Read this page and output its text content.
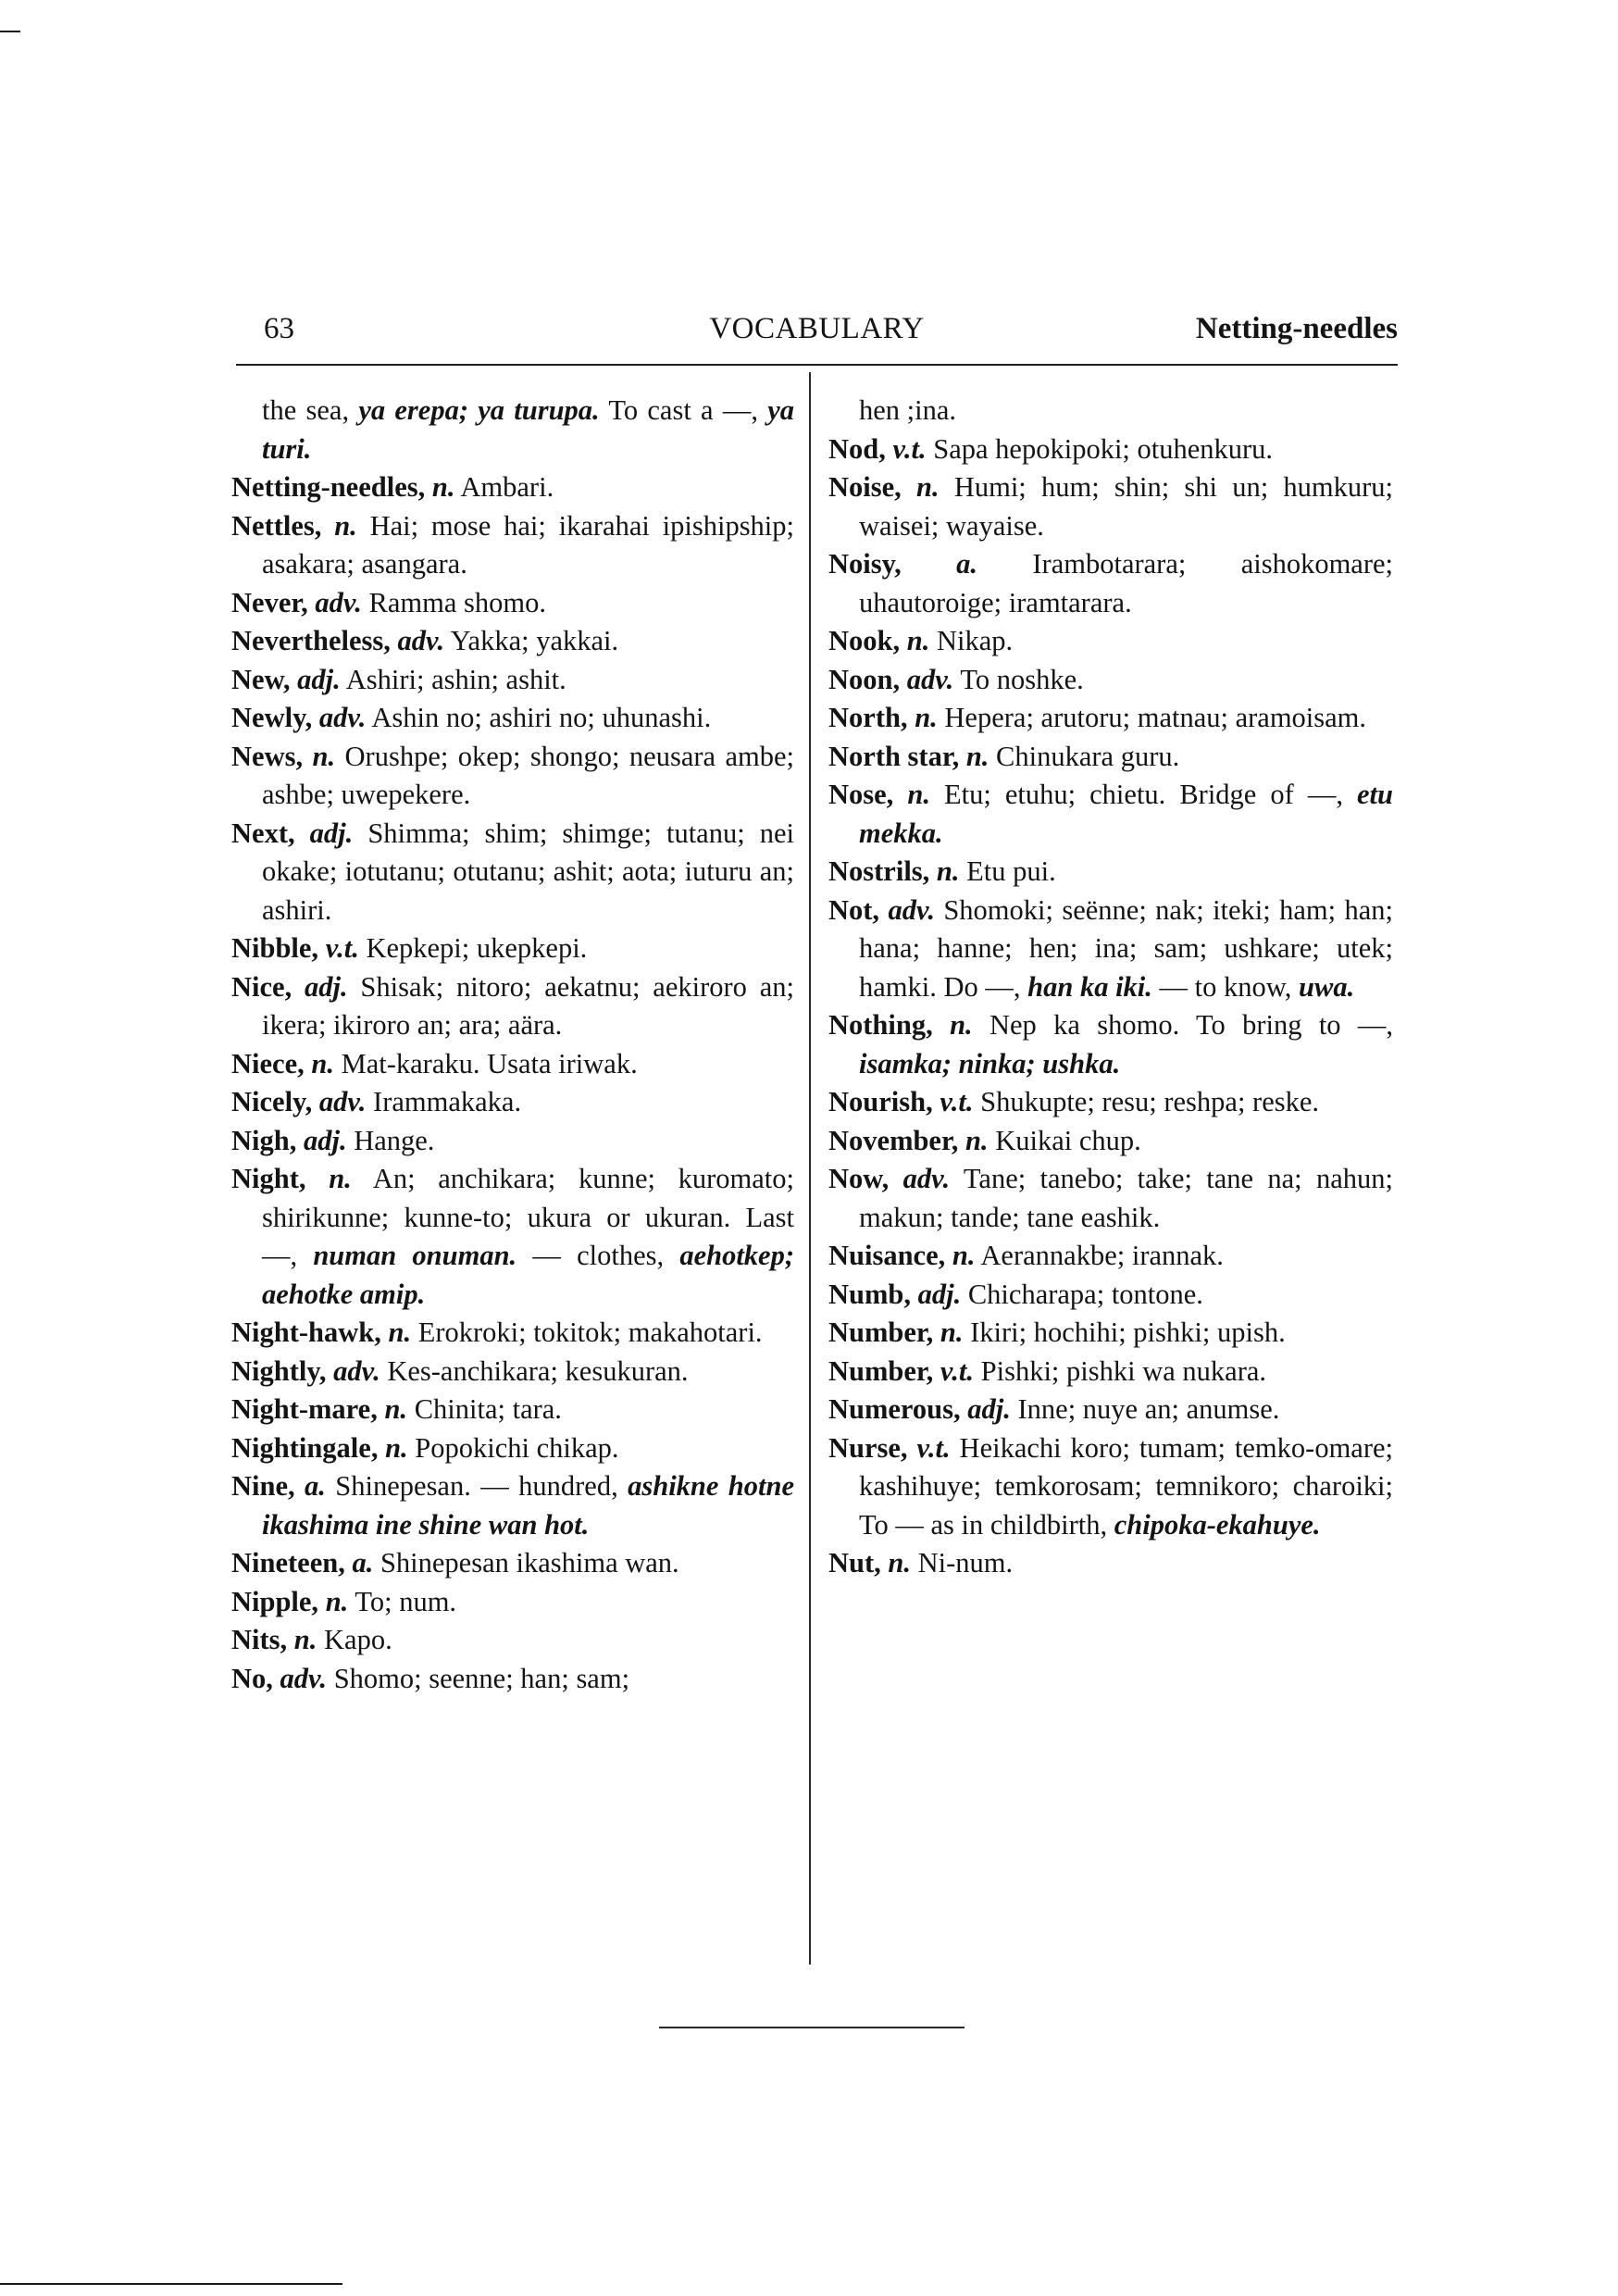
63	VOCABULARY	Netting-needles
the sea, ya erepa; ya turupa. To cast a —, ya turi.
Netting-needles, n. Ambari.
Nettles, n. Hai; mose hai; ikarahai ipishipship; asakara; asangara.
Never, adv. Ramma shomo.
Nevertheless, adv. Yakka; yakkai.
New, adj. Ashiri; ashin; ashit.
Newly, adv. Ashin no; ashiri no; uhunashi.
News, n. Orushpe; okep; shongo; neusara ambe; ashbe; uwepekere.
Next, adj. Shimma; shim; shimge; tutanu; nei okake; iotutanu; otutanu; ashit; aota; iuturu an; ashiri.
Nibble, v.t. Kepkepi; ukepkepi.
Nice, adj. Shisak; nitoro; aekatnu; aekiroro an; ikera; ikiroro an; ara; aära.
Niece, n. Mat-karaku. Usata iriwak.
Nicely, adv. Irammakaka.
Nigh, adj. Hange.
Night, n. An; anchikara; kunne; kuromato; shirikunne; kunne-to; ukura or ukuran. Last —, numan onuman. — clothes, aehotkep; aehotke amip.
Night-hawk, n. Erokroki; tokitok; makahotari.
Nightly, adv. Kes-anchikara; kesukuran.
Night-mare, n. Chinita; tara.
Nightingale, n. Popokichi chikap.
Nine, a. Shinepesan. — hundred, ashikne hotne ikashima ine shine wan hot.
Nineteen, a. Shinepesan ikashima wan.
Nipple, n. To; num.
Nits, n. Kapo.
No, adv. Shomo; seenne; han; sam;
hen ;ina.
Nod, v.t. Sapa hepokipoki; otuhenkuru.
Noise, n. Humi; hum; shin; shi un; humkuru; waisei; wayaise.
Noisy, a. Irambotarara; aishokomare; uhautoroige; iramtarara.
Nook, n. Nikap.
Noon, adv. To noshke.
North, n. Hepera; arutoru; matnau; aramoisam.
North star, n. Chinukara guru.
Nose, n. Etu; etuhu; chietu. Bridge of —, etu mekka.
Nostrils, n. Etu pui.
Not, adv. Shomoki; seënne; nak; iteki; ham; han; hana; hanne; hen; ina; sam; ushkare; utek; hamki. Do —, han ka iki. — to know, uwa.
Nothing, n. Nep ka shomo. To bring to —, isamka; ninka; ushka.
Nourish, v.t. Shukupte; resu; reshpa; reske.
November, n. Kuikai chup.
Now, adv. Tane; tanebo; take; tane na; nahun; makun; tande; tane eashik.
Nuisance, n. Aerannakbe; irannak.
Numb, adj. Chicharapa; tontone.
Number, n. Ikiri; hochihi; pishki; upish.
Number, v.t. Pishki; pishki wa nukara.
Numerous, adj. Inne; nuye an; anumse.
Nurse, v.t. Heikachi koro; tumam; temko-omare; kashihuye; temkorosam; temnikoro; charoiki; To — as in childbirth, chipoka-ekahuye.
Nut, n. Ni-num.
